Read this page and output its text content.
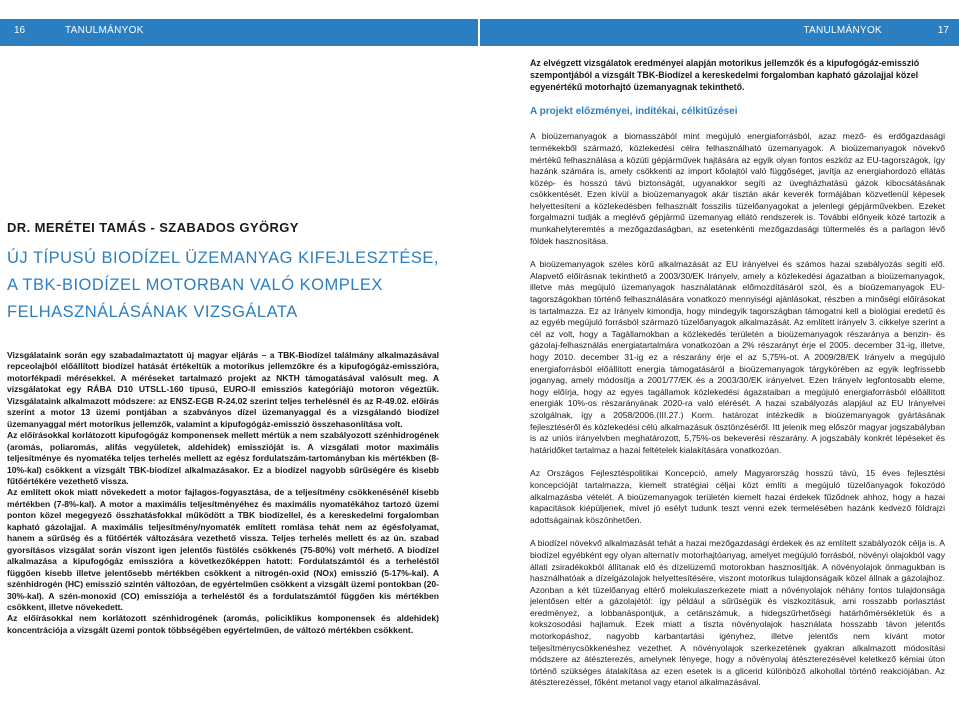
16	TANULMÁNYOK	TANULMÁNYOK	17
DR. MERÉTEI TAMÁS - SZABADOS GYÖRGY
ÚJ TÍPUSÚ BIODÍZEL ÜZEMANYAG KIFEJLESZTÉSE,
A TBK-BIODÍZEL MOTORBAN VALÓ KOMPLEX
FELHASZNÁLÁSÁNAK VIZSGÁLATA

Vizsgálataink során egy szabadalmaztatott új magyar eljárás – a TBK-Biodízel találmány alkalmazásával repceolajból előállított biodízel hatását értékeltük a motorikus jellemzőkre és a kipufogógáz-emisszióra, motorfékpadi mérésekkel. A méréseket tartalmazó projekt az NKTH támogatásával valósult meg. A vizsgálatokat egy RÁBA D10 UTSLL-160 típusú, EURO-II emissziós kategóriájú motoron végeztük. Vizsgálataink alkalmazott módszere: az ENSZ-EGB R-24.02 szerint teljes terhelésnél és az R-49.02. előírás szerint a motor 13 üzemi pontjában a szabványos dízel üzemanyaggal és a vizsgálandó biodízel üzemanyaggal mért motorikus jellemzők, valamint a kipufogógáz-emisszió összehasonlítása volt.

Az előírásokkal korlátozott kipufogógáz komponensek mellett mértük a nem szabályozott szénhidrogének (aromás, poliaromás, alifás vegyületek, aldehidek) emisszióját is. A vizsgálati motor maximális teljesítménye és nyomatéka teljes terhelés mellett az egész fordulatszám-tartományban kis mértékben (8-10%-kal) csökkent a vizsgált TBK-biodízel alkalmazásakor. Ez a biodízel nagyobb sűrűségére és kisebb fűtőértékére vezethető vissza.

Az említett okok miatt növekedett a motor fajlagos-fogyasztása, de a teljesítmény csökkenésénél kisebb mértékben (7-8%-kal). A motor a maximális teljesítményéhez és maximális nyomatékához tartozó üzemi ponton közel megegyező összhatásfokkal működött a TBK biodízellel, és a kereskedelmi forgalomban kapható gázolajjal. A maximális teljesítmény/nyomaték említett romlása tehát nem az égésfolyamat, hanem a sűrűség és a fűtőérték változására vezethető vissza. Teljes terhelés mellett és az ún. szabad gyorsításos vizsgálat során viszont igen jelentős füstölés csökkenés (75-80%) volt mérhető. A biodízel alkalmazása a kipufogógáz emisszióra a következőképpen hatott: Fordulatszámtól és a terheléstől függően kisebb illetve jelentősebb mértékben csökkent a nitrogén-oxid (NOx) emisszió (5-17%-kal). A szénhidrogén (HC) emisszió szintén változóan, de egyértelműen csökkent a vizsgált üzemi pontokban (20-30%-kal). A szén-monoxid (CO) emissziója a terheléstől és a fordulatszámtól függően kis mértékben csökkent, illetve növekedett.

Az előírásokkal nem korlátozott szénhidrogének (aromás, policiklikus komponensek és aldehidek) koncentrációja a vizsgált üzemi pontok többségében egyértelműen, de változó mértékben csökkent.

Az elvégzett vizsgálatok eredményei alapján motorikus jellemzők és a kipufogógáz-emisszió szempontjából a vizsgált TBK-Biodízel a kereskedelmi forgalomban kapható gázolajjal közel egyenértékű motorhajtó üzemanyagnak tekinthető.
A projekt előzményei, indítékai, célkitűzései

A bioüzemanyagok a biomasszából mint megújuló energiaforrásból, azaz mező- és erdőgazdasági termékekből származó, közlekedési célra felhasználható üzemanyagok. A bioüzemanyagok növekvő mértékű felhasználása a közúti gépjárművek hajtására az egyik olyan fontos eszköz az EU-tagországok, így hazánk számára is, amely csökkenti az import kőolajtól való függőséget, javítja az energiahordozó ellátás közép- és hosszú távú biztonságát, ugyanakkor segíti az üvegházhatású gázok kibocsátásának csökkentését. Ezen kívül a bioüzemanyagok akár tisztán akár keverék formájában közvetlenül képesek helyettesíteni a közlekedésben felhasznált fosszilis tüzelőanyagokat a jelenlegi gépjárművekben. Ezeket forgalmazni tudják a meglévő gépjármű üzemanyag ellátó rendszerek is. További előnyeik közé tartozik a munkahelyteremtés a mezőgazdaságban, az esetenkénti mezőgazdasági tültermelés és a parlagon lévő földek hasznosítása.

A bioüzemanyagok széles körű alkalmazását az EU irányelvei és számos hazai szabályozás segíti elő. Alapvető előírásnak tekinthető a 2003/30/EK Irányelv, amely a közlekedési ágazatban a bioüzemanyagok, illetve más megújuló üzemanyagok használatának előmozdításáról szól, és a bioüzemanyagok EU-tagországokban történő felhasználására vonatkozó mennyiségi ajánlásokat, részben a minőségi előírásokat is tartalmazza. Ez az Irányelv kimondja, hogy mindegyik tagországban támogatni kell a biológiai eredetű és az egyéb megújuló forrásból származó tüzelőanyagok alkalmazását. Az említett irányelv 3. cikkelye szerint a cél az volt, hogy a Tagállamokban a közlekedés területén a bioüzemanyagok részaránya a benzin- és gázolaj-felhasználás energiatartalmára vonatkozóan a 2% részarányt érje el 2005. december 31-ig, illetve, hogy 2010. december 31-ig ez a részarány érje el az 5,75%-ot. A 2009/28/EK Irányelv a megújuló energiaforrásból előállított energia támogatásáról a bioüzemanyagok tárgykörében az egyik legfrissebb joganyag, amely módosítja a 2001/77/EK és a 2003/30/EK irányelvet. Ezen Irányelv legfontosabb eleme, hogy előírja, hogy az egyes tagállamok közlekedési ágazataiban a megújuló energiaforrásból előállított energiák 10%-os részarányának 2020-ra való elérését. A hazai szabályozás alapjául az EU Irányelvei szolgálnak, így a 2058/2006.(III.27.) Korm. határozat intézkedik a bioüzemanyagok gyártásának fejlesztéséről és közlekedési célú alkalmazásuk ösztönzéséről. Itt jelenik meg először magyar jogszabályban is az uniós irányelvben meghatározott, 5,75%-os bekeverési részarány. A jogszabály konkrét lépéseket és határidőket tartalmaz a hazai feltételek kialakítására vonatkozóan.

Az Országos Fejlesztéspolitikai Koncepció, amely Magyarország hosszú távú, 15 éves fejlesztési koncepcióját tartalmazza, kiemelt stratégiai céljai közt említi a megújuló tüzelőanyagok fokozódó alkalmazásba vételét. A bioüzemanyagok területén kiemelt hazai érdekek fűződnek ahhoz, hogy a hazai kapacitások kiépüljenek, mivel jó esélyt tudunk teszt venni ezek termelésében hazánk kedvező földrajzi adottságainak köszönhetően.

A biodízel növekvő alkalmazását tehát a hazai mezőgazdasági érdekek és az említett szabályozók célja is. A biodízel egyébként egy olyan alternatív motorhajtóanyag, amelyet megújuló forrásból, növényi olajokból vagy állati zsiradékokból állítanak elő és dízelüzemű motorokban hasznosítják. A növényolajok önmagukban is használhatóak a dízelgázolajok helyettesítésére, viszont motorikus tulajdonságaik közel állnak a gázolajhoz. Azonban a két tüzelőanyag eltérő molekulaszerkezete miatt a növényolajok néhány fontos tulajdonsága jelentősen eltér a gázolajétól: így például a sűrűségük és viszkozitásuk, ami rosszabb porlasztást eredményez, a lobbanáspontjuk, a cetánszámuk, a hidegszűrhetőségi határhőmérsékletük és a kokszosodási hajlamuk. Ezek miatt a tiszta növényolajok használata hosszabb távon jelentős motorkopáshoz, nagyobb karbantartási igényhez, illetve jelentős nem kívánt motor teljesítménycsökkenéshez vezethet. A növényolajok szerkezetének gyakran alkalmazott módosítási módszere az átészterezés, amelynek lényege, hogy a növényolaj átészterezésével keletkező kémiai úton történő szükséges átalakítása az ezen esetek is a glicerid különböző alkohollal történő reakciójában. Az átészterezéssel, főként metanol vagy etanol alkalmazásával.
